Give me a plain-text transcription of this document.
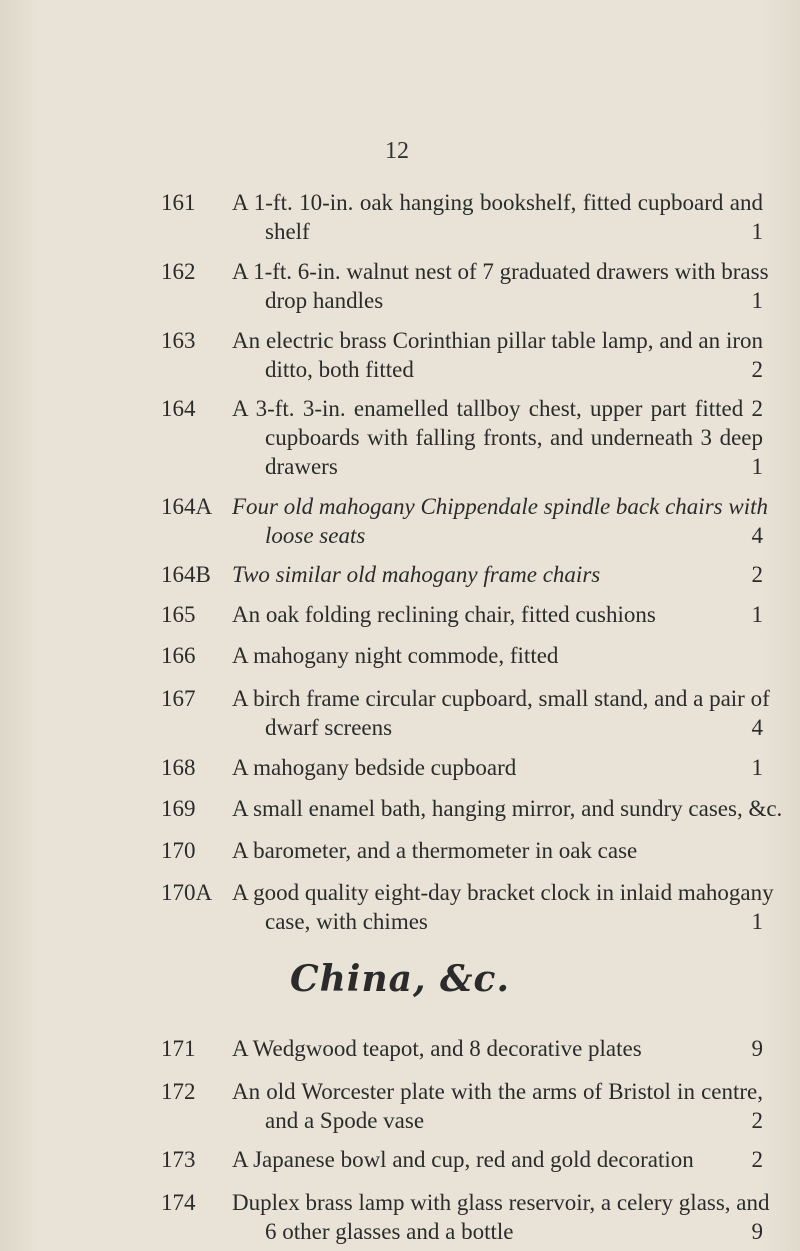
12
161 A 1-ft. 10-in. oak hanging bookshelf, fitted cupboard and
shelf	1
162 A 1-ft. 6-in. walnut nest of 7 graduated drawers with brass
drop handles	1
163 An electric brass Corinthian pillar table lamp, and an iron
ditto, both fitted	2
164 A 3-ft. 3-in. enamelled tallboy chest, upper part fitted 2
cupboards with falling fronts, and underneath 3 deep
drawers	1
164A Four old mahogany Chippendale spindle back chairs with
loose seats	4
164B Two similar old mahogany frame chairs	2
165 An oak folding reclining chair, fitted cushions	1
166 A mahogany night commode, fitted
167 A birch frame circular cupboard, small stand, and a pair of
dwarf screens	4
168 A mahogany bedside cupboard	1
169 A small enamel bath, hanging mirror, and sundry cases, &c.
170 A barometer, and a thermometer in oak case
170A A good quality eight-day bracket clock in inlaid mahogany
case, with chimes	1
China, &c.
171 A Wedgwood teapot, and 8 decorative plates	9
172 An old Worcester plate with the arms of Bristol in centre,
and a Spode vase	2
173 A Japanese bowl and cup, red and gold decoration	2
174 Duplex brass lamp with glass reservoir, a celery glass, and
6 other glasses and a bottle	9
